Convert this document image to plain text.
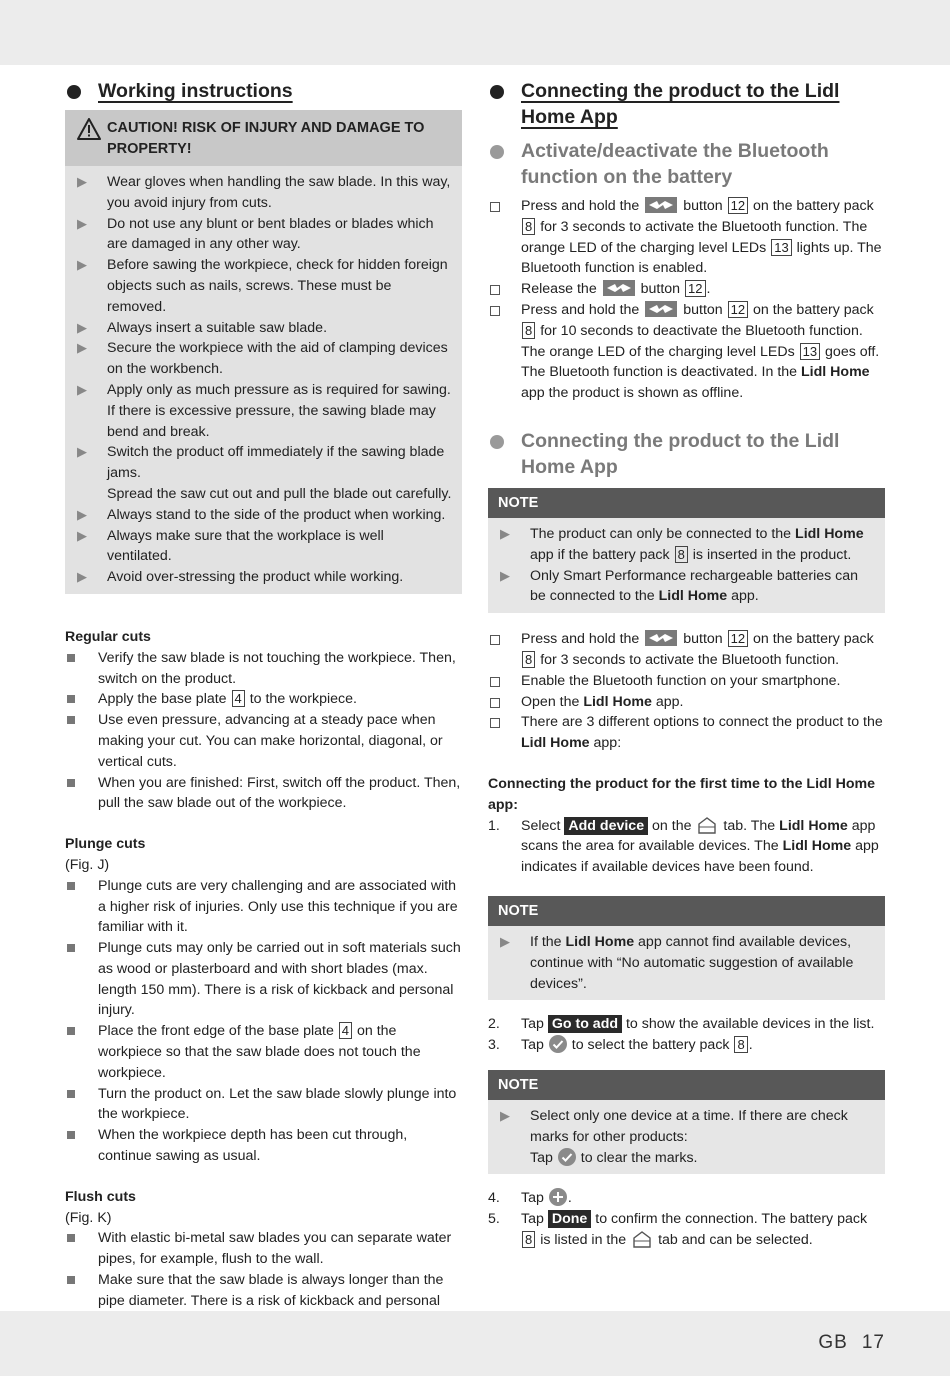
Working instructions
CAUTION! RISK OF INJURY AND DAMAGE TO PROPERTY!
▶ Wear gloves when handling the saw blade. In this way, you avoid injury from cuts.
▶ Do not use any blunt or bent blades or blades which are damaged in any other way.
▶ Before sawing the workpiece, check for hidden foreign objects such as nails, screws. These must be removed.
▶ Always insert a suitable saw blade.
▶ Secure the workpiece with the aid of clamping devices on the workbench.
▶ Apply only as much pressure as is required for sawing. If there is excessive pressure, the sawing blade may bend and break.
▶ Switch the product off immediately if the sawing blade jams.
Spread the saw cut out and pull the blade out carefully.
▶ Always stand to the side of the product when working.
▶ Always make sure that the workplace is well ventilated.
▶ Avoid over-stressing the product while working.

Regular cuts

Verify the saw blade is not touching the workpiece. Then, switch on the product.
Apply the base plate 4 to the workpiece.
Use even pressure, advancing at a steady pace when making your cut. You can make horizontal, diagonal, or vertical cuts.
When you are finished: First, switch off the product. Then, pull the saw blade out of the workpiece.

Plunge cuts

(Fig. J)

Plunge cuts are very challenging and are associated with a higher risk of injuries. Only use this technique if you are familiar with it.
Plunge cuts may only be carried out in soft materials such as wood or plasterboard and with short blades (max. length 150 mm). There is a risk of kickback and personal injury.
Place the front edge of the base plate 4 on the workpiece so that the saw blade does not touch the workpiece.
Turn the product on. Let the saw blade slowly plunge into the workpiece.
When the workpiece depth has been cut through, continue sawing as usual.

Flush cuts

(Fig. K)

With elastic bi-metal saw blades you can separate water pipes, for example, flush to the wall.
Make sure that the saw blade is always longer than the pipe diameter. There is a risk of kickback and personal
Connecting the product to the Lidl
Home App
Activate/deactivate the Bluetooth
function on the battery
Press and hold the	button 12 on the battery pack 8 for 3 seconds to activate the Bluetooth function. The orange LED of the charging level LEDs 13 lights up. The Bluetooth function is enabled.
Release the	button 12 .
Press and hold the	button 12 on the battery pack 8 for 10 seconds to deactivate the Bluetooth function. The orange LED of the charging level LEDs 13 goes off. The Bluetooth function is deactivated. In the Lidl Home app the product is shown as offline.
Connecting the product to the Lidl
Home App
NOTE
▶ The product can only be connected to the Lidl Home app if the battery pack 8 is inserted in the product.
▶ Only Smart Performance rechargeable batteries can be connected to the Lidl Home app.
Press and hold the	button 12 on the battery pack 8 for 3 seconds to activate the Bluetooth function.
Enable the Bluetooth function on your smartphone.
Open the Lidl Home app.
There are 3 different options to connect the product to the Lidl Home app:

Connecting the product for the first time to the Lidl Home app:

1. Select Add device on the tab. The Lidl Home app scans the area for available devices. The Lidl Home app indicates if available devices have been found.
NOTE
▶ If the Lidl Home app cannot find available devices, continue with “No automatic suggestion of available devices”.
2. Tap Go to add to show the available devices in the list.
3. Tap to select the battery pack 8 .
NOTE
▶ Select only one device at a time. If there are check marks for other products:
Tap to clear the marks.
4. Tap .
5. Tap Done to confirm the connection. The battery pack 8 is listed in the tab and can be selected.
GB 17
